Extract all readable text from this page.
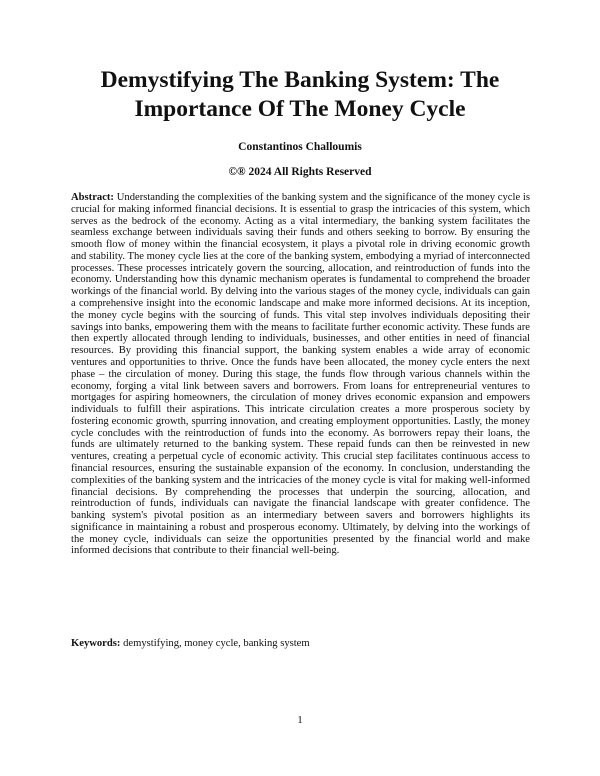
Demystifying The Banking System: The
Importance Of The Money Cycle
Constantinos Challoumis
©® 2024 All Rights Reserved

Abstract: Understanding the complexities of the banking system and the significance of the money cycle is crucial for making informed financial decisions. It is essential to grasp the intricacies of this system, which serves as the bedrock of the economy. Acting as a vital intermediary, the banking system facilitates the seamless exchange between individuals saving their funds and others seeking to borrow. By ensuring the smooth flow of money within the financial ecosystem, it plays a pivotal role in driving economic growth and stability. The money cycle lies at the core of the banking system, embodying a myriad of interconnected processes. These processes intricately govern the sourcing, allocation, and reintroduction of funds into the economy. Understanding how this dynamic mechanism operates is fundamental to comprehend the broader workings of the financial world. By delving into the various stages of the money cycle, individuals can gain a comprehensive insight into the economic landscape and make more informed decisions. At its inception, the money cycle begins with the sourcing of funds. This vital step involves individuals depositing their savings into banks, empowering them with the means to facilitate further economic activity. These funds are then expertly allocated through lending to individuals, businesses, and other entities in need of financial resources. By providing this financial support, the banking system enables a wide array of economic ventures and opportunities to thrive. Once the funds have been allocated, the money cycle enters the next phase – the circulation of money. During this stage, the funds flow through various channels within the economy, forging a vital link between savers and borrowers. From loans for entrepreneurial ventures to mortgages for aspiring homeowners, the circulation of money drives economic expansion and empowers individuals to fulfill their aspirations. This intricate circulation creates a more prosperous society by fostering economic growth, spurring innovation, and creating employment opportunities. Lastly, the money cycle concludes with the reintroduction of funds into the economy. As borrowers repay their loans, the funds are ultimately returned to the banking system. These repaid funds can then be reinvested in new ventures, creating a perpetual cycle of economic activity. This crucial step facilitates continuous access to financial resources, ensuring the sustainable expansion of the economy. In conclusion, understanding the complexities of the banking system and the intricacies of the money cycle is vital for making well-informed financial decisions. By comprehending the processes that underpin the sourcing, allocation, and reintroduction of funds, individuals can navigate the financial landscape with greater confidence. The banking system's pivotal position as an intermediary between savers and borrowers highlights its significance in maintaining a robust and prosperous economy. Ultimately, by delving into the workings of the money cycle, individuals can seize the opportunities presented by the financial world and make informed decisions that contribute to their financial well-being.

Keywords: demystifying, money cycle, banking system

1
